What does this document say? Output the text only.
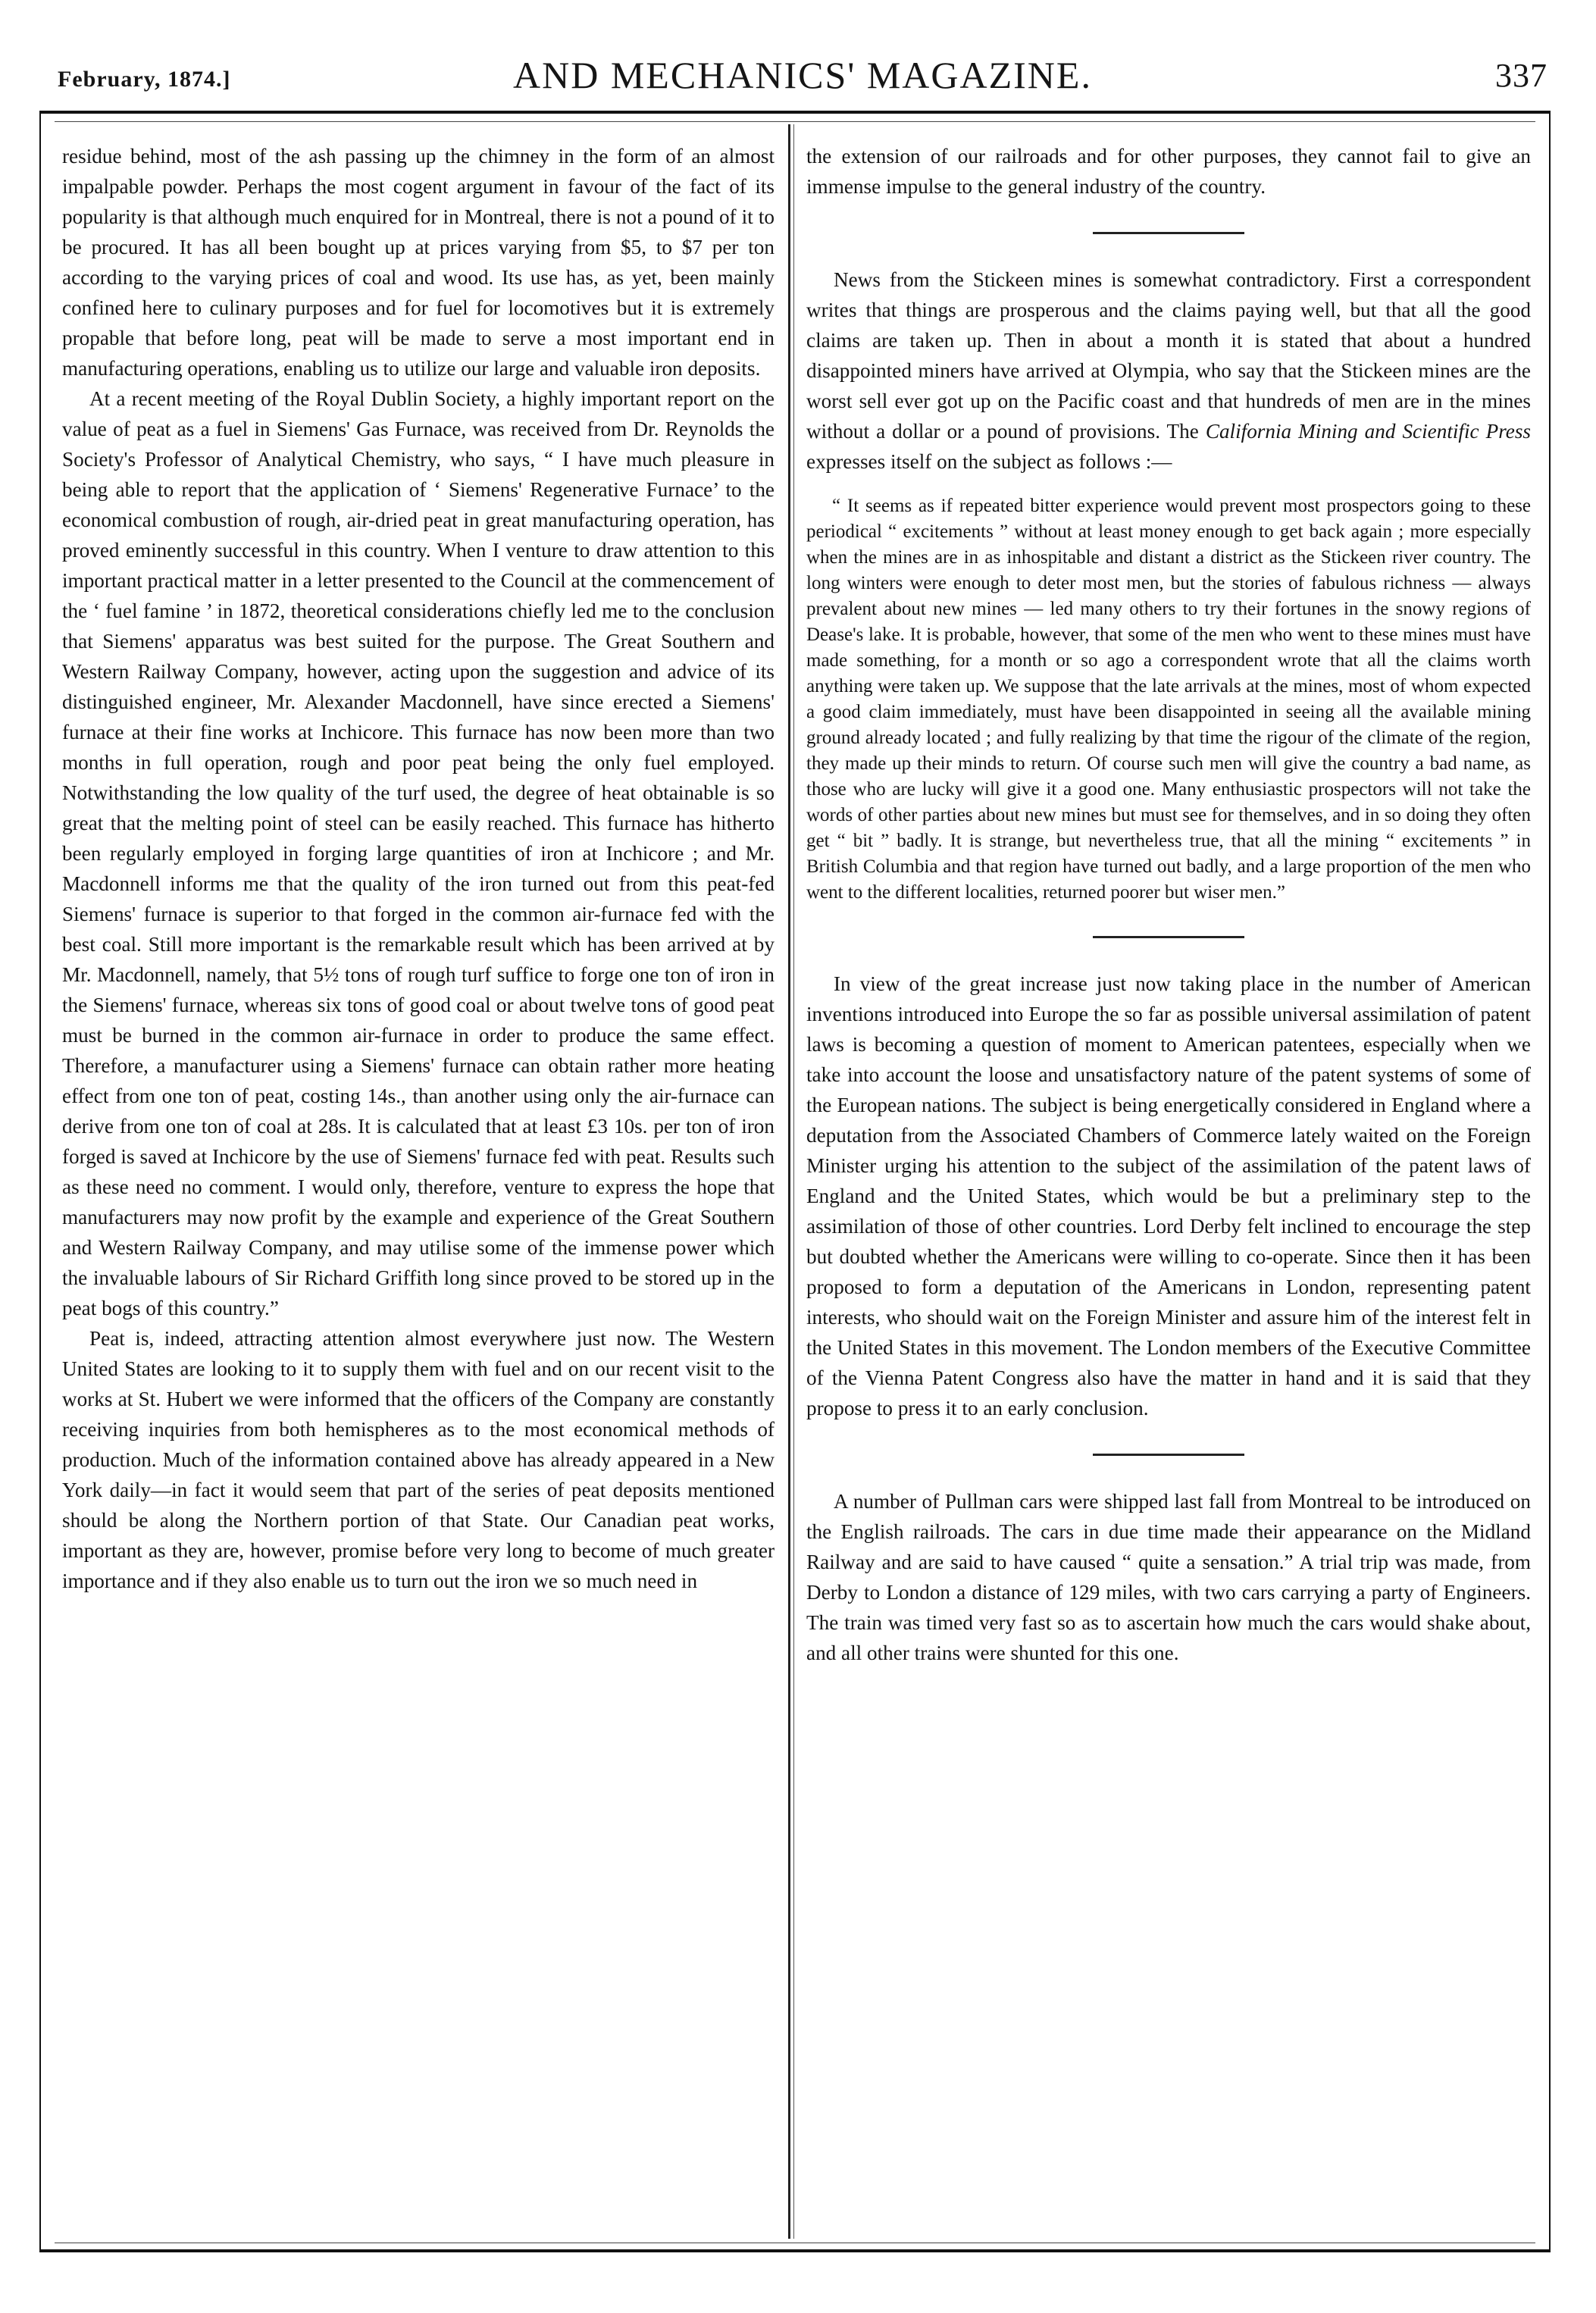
February, 1874.]	AND MECHANICS' MAGAZINE.	337

residue behind, most of the ash passing up the chimney in the form of an almost impalpable powder. Perhaps the most cogent argument in favour of the fact of its popularity is that although much enquired for in Montreal, there is not a pound of it to be procured. It has all been bought up at prices varying from $5, to $7 per ton according to the varying prices of coal and wood. Its use has, as yet, been mainly confined here to culinary purposes and for fuel for locomotives but it is extremely propable that before long, peat will be made to serve a most important end in manufacturing operations, enabling us to utilize our large and valuable iron deposits.

At a recent meeting of the Royal Dublin Society, a highly important report on the value of peat as a fuel in Siemens' Gas Furnace, was received from Dr. Reynolds the Society's Professor of Analytical Chemistry, who says, “ I have much pleasure in being able to report that the application of ‘ Siemens' Regenerative Furnace’ to the economical combustion of rough, air-dried peat in great manufacturing operation, has proved eminently successful in this country. When I venture to draw attention to this important practical matter in a letter presented to the Council at the commencement of the ‘ fuel famine ’ in 1872, theoretical considerations chiefly led me to the conclusion that Siemens' apparatus was best suited for the purpose. The Great Southern and Western Railway Company, however, acting upon the suggestion and advice of its distinguished engineer, Mr. Alexander Macdonnell, have since erected a Siemens' furnace at their fine works at Inchicore. This furnace has now been more than two months in full operation, rough and poor peat being the only fuel employed. Notwithstanding the low quality of the turf used, the degree of heat obtainable is so great that the melting point of steel can be easily reached. This furnace has hitherto been regularly employed in forging large quantities of iron at Inchicore ; and Mr. Macdonnell informs me that the quality of the iron turned out from this peat-fed Siemens' furnace is superior to that forged in the common air-furnace fed with the best coal. Still more important is the remarkable result which has been arrived at by Mr. Macdonnell, namely, that 5½ tons of rough turf suffice to forge one ton of iron in the Siemens' furnace, whereas six tons of good coal or about twelve tons of good peat must be burned in the common air-furnace in order to produce the same effect. Therefore, a manufacturer using a Siemens' furnace can obtain rather more heating effect from one ton of peat, costing 14s., than another using only the air-furnace can derive from one ton of coal at 28s. It is calculated that at least £3 10s. per ton of iron forged is saved at Inchicore by the use of Siemens' furnace fed with peat. Results such as these need no comment. I would only, therefore, venture to express the hope that manufacturers may now profit by the example and experience of the Great Southern and Western Railway Company, and may utilise some of the immense power which the invaluable labours of Sir Richard Griffith long since proved to be stored up in the peat bogs of this country.”

Peat is, indeed, attracting attention almost everywhere just now. The Western United States are looking to it to supply them with fuel and on our recent visit to the works at St. Hubert we were informed that the officers of the Company are constantly receiving inquiries from both hemispheres as to the most economical methods of production. Much of the information contained above has already appeared in a New York daily—in fact it would seem that part of the series of peat deposits mentioned should be along the Northern portion of that State. Our Canadian peat works, important as they are, however, promise before very long to become of much greater importance and if they also enable us to turn out the iron we so much need in

the extension of our railroads and for other purposes, they cannot fail to give an immense impulse to the general industry of the country.

News from the Stickeen mines is somewhat contradictory. First a correspondent writes that things are prosperous and the claims paying well, but that all the good claims are taken up. Then in about a month it is stated that about a hundred disappointed miners have arrived at Olympia, who say that the Stickeen mines are the worst sell ever got up on the Pacific coast and that hundreds of men are in the mines without a dollar or a pound of provisions. The California Mining and Scientific Press expresses itself on the subject as follows :—

“ It seems as if repeated bitter experience would prevent most prospectors going to these periodical “ excitements ” without at least money enough to get back again ; more especially when the mines are in as inhospitable and distant a district as the Stickeen river country. The long winters were enough to deter most men, but the stories of fabulous richness — always prevalent about new mines — led many others to try their fortunes in the snowy regions of Dease's lake. It is probable, however, that some of the men who went to these mines must have made something, for a month or so ago a correspondent wrote that all the claims worth anything were taken up. We suppose that the late arrivals at the mines, most of whom expected a good claim immediately, must have been disappointed in seeing all the available mining ground already located ; and fully realizing by that time the rigour of the climate of the region, they made up their minds to return. Of course such men will give the country a bad name, as those who are lucky will give it a good one. Many enthusiastic prospectors will not take the words of other parties about new mines but must see for themselves, and in so doing they often get “ bit ” badly. It is strange, but nevertheless true, that all the mining “ excitements ” in British Columbia and that region have turned out badly, and a large proportion of the men who went to the different localities, returned poorer but wiser men.”

In view of the great increase just now taking place in the number of American inventions introduced into Europe the so far as possible universal assimilation of patent laws is becoming a question of moment to American patentees, especially when we take into account the loose and unsatisfactory nature of the patent systems of some of the European nations. The subject is being energetically considered in England where a deputation from the Associated Chambers of Commerce lately waited on the Foreign Minister urging his attention to the subject of the assimilation of the patent laws of England and the United States, which would be but a preliminary step to the assimilation of those of other countries. Lord Derby felt inclined to encourage the step but doubted whether the Americans were willing to co-operate. Since then it has been proposed to form a deputation of the Americans in London, representing patent interests, who should wait on the Foreign Minister and assure him of the interest felt in the United States in this movement. The London members of the Executive Committee of the Vienna Patent Congress also have the matter in hand and it is said that they propose to press it to an early conclusion.

A number of Pullman cars were shipped last fall from Montreal to be introduced on the English railroads. The cars in due time made their appearance on the Midland Railway and are said to have caused “ quite a sensation.” A trial trip was made, from Derby to London a distance of 129 miles, with two cars carrying a party of Engineers. The train was timed very fast so as to ascertain how much the cars would shake about, and all other trains were shunted for this one.
